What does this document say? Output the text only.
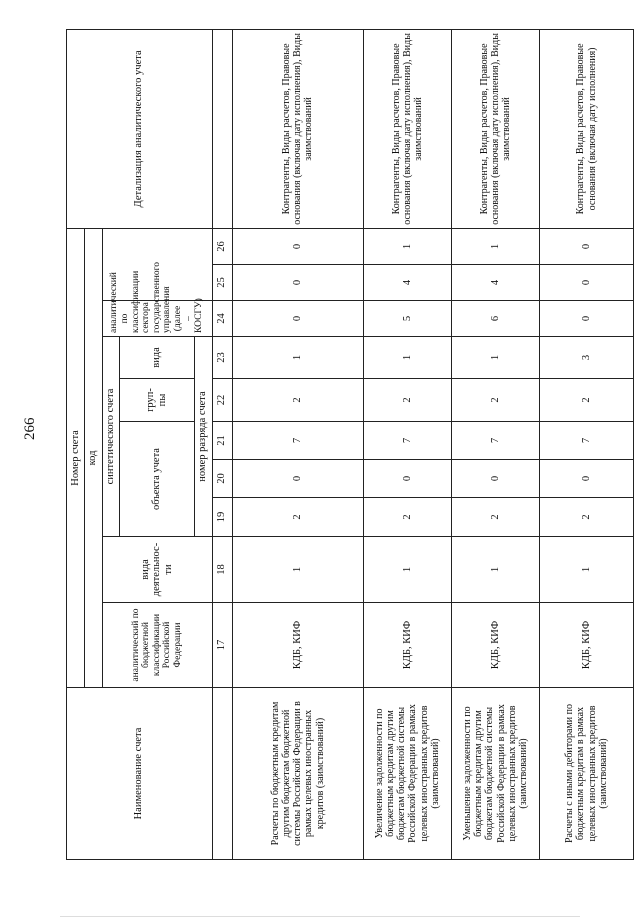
266
Наименование счета	Номер счета										Детализация аналитического учета
	код										
	аналитический по бюджетной классификации Российской Федерации	вида деятельнос-ти	синтетического счета					аналитический по классификации сектора государственного управления (далее – КОСГУ)			
			объекта учета			груп-пы	вида				
			номер разряда счета								
	17	18	19	20	21	22	23	24	25	26	
Расчеты по бюджетным кредитам другим бюджетам бюджетной системы Российской Федерации в рамках целевых иностранных кредитов (заимствований)	КДБ, КИФ	1	2	0	7	2	1	0	0	0	Контрагенты, Виды расчетов, Правовые основания (включая дату исполнения), Виды заимствований
Увеличение задолженности по бюджетным кредитам другим бюджетам бюджетной системы Российской Федерации в рамках целевых иностранных кредитов (заимствований)	КДБ, КИФ	1	2	0	7	2	1	5	4	1	Контрагенты, Виды расчетов, Правовые основания (включая дату исполнения), Виды заимствований
Уменьшение задолженности по бюджетным кредитам другим бюджетам бюджетной системы Российской Федерации в рамках целевых иностранных кредитов (заимствований)	КДБ, КИФ	1	2	0	7	2	1	6	4	1	Контрагенты, Виды расчетов, Правовые основания (включая дату исполнения), Виды заимствований
Расчеты с иными дебиторами по бюджетным кредитам в рамках целевых иностранных кредитов (заимствований)	КДБ, КИФ	1	2	0	7	2	3	0	0	0	Контрагенты, Виды расчетов, Правовые основания (включая дату исполнения)
